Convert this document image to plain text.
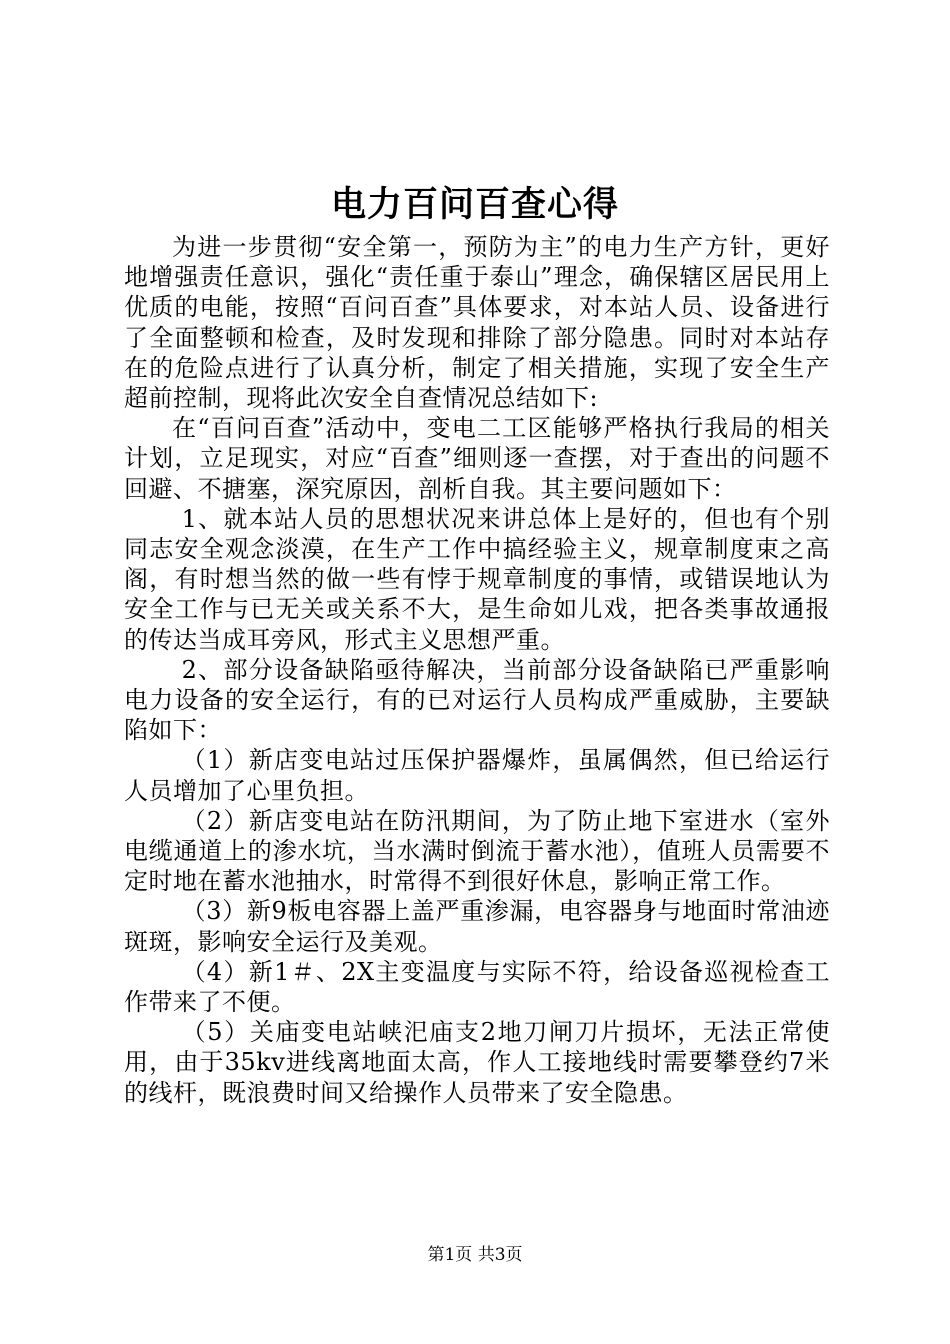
电力百问百查心得

为进一步贯彻“安全第一，预防为主”的电力生产方针，更好地增强责任意识，强化“责任重于泰山”理念，确保辖区居民用上优质的电能，按照“百问百查”具体要求，对本站人员、设备进行了全面整顿和检查，及时发现和排除了部分隐患。同时对本站存在的危险点进行了认真分析，制定了相关措施，实现了安全生产超前控制，现将此次安全自查情况总结如下:

在“百问百查”活动中，变电二工区能够严格执行我局的相关计划，立足现实，对应“百查”细则逐一查摆，对于查出的问题不回避、不搪塞，深究原因，剖析自我。其主要问题如下：

1、就本站人员的思想状况来讲总体上是好的，但也有个别同志安全观念淡漠，在生产工作中搞经验主义，规章制度束之高阁，有时想当然的做一些有悖于规章制度的事情，或错误地认为安全工作与已无关或关系不大，是生命如儿戏，把各类事故通报的传达当成耳旁风，形式主义思想严重。

2、部分设备缺陷亟待解决，当前部分设备缺陷已严重影响电力设备的安全运行，有的已对运行人员构成严重威胁，主要缺陷如下：

（1）新店变电站过压保护器爆炸，虽属偶然，但已给运行人员增加了心里负担。

（2）新店变电站在防汛期间，为了防止地下室进水（室外电缆通道上的渗水坑，当水满时倒流于蓄水池），值班人员需要不定时地在蓄水池抽水，时常得不到很好休息，影响正常工作。

（3）新9板电容器上盖严重渗漏，电容器身与地面时常油迹斑斑，影响安全运行及美观。

（4）新1＃、2X主变温度与实际不符，给设备巡视检查工作带来了不便。

（5）关庙变电站峡汜庙支2地刀闸刀片损坏，无法正常使用，由于35kv进线离地面太高，作人工接地线时需要攀登约7米的线杆，既浪费时间又给操作人员带来了安全隐患。

第1页 共3页
